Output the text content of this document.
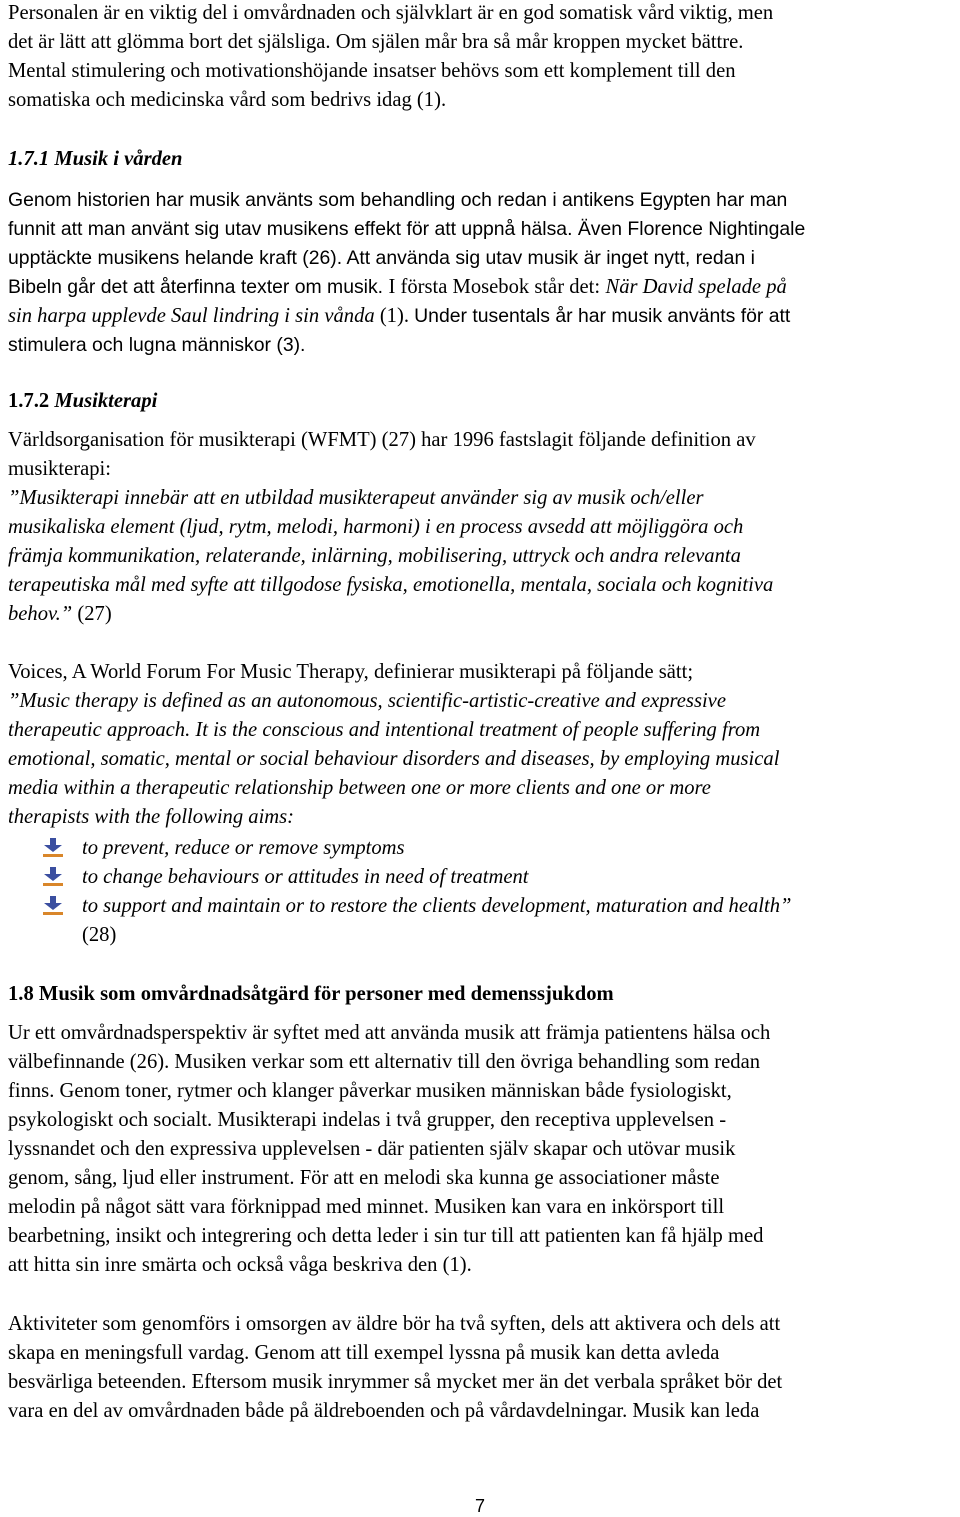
Personalen är en viktig del i omvårdnaden och självklart är en god somatisk vård viktig, men
det är lätt att glömma bort det själsliga. Om själen mår bra så mår kroppen mycket bättre.
Mental stimulering och motivationshöjande insatser behövs som ett komplement till den
somatiska och medicinska vård som bedrivs idag (1).
1.7.1 Musik i vården
Genom historien har musik använts som behandling och redan i antikens Egypten har man
funnit att man använt sig utav musikens effekt för att uppnå hälsa. Även Florence Nightingale
upptäckte musikens helande kraft (26). Att använda sig utav musik är inget nytt, redan i
Bibeln går det att återfinna texter om musik. I första Mosebok står det: När David spelade på
sin harpa upplevde Saul lindring i sin vånda (1). Under tusentals år har musik använts för att
stimulera och lugna människor (3).
1.7.2 Musikterapi
Världsorganisation för musikterapi (WFMT) (27) har 1996 fastslagit följande definition av
musikterapi:
”Musikterapi innebär att en utbildad musikterapeut använder sig av musik och/eller
musikaliska element (ljud, rytm, melodi, harmoni) i en process avsedd att möjliggöra och
främja kommunikation, relaterande, inlärning, mobilisering, uttryck och andra relevanta
terapeutiska mål med syfte att tillgodose fysiska, emotionella, mentala, sociala och kognitiva
behov.” (27)
Voices, A World Forum For Music Therapy, definierar musikterapi på följande sätt;
”Music therapy is defined as an autonomous, scientific-artistic-creative and expressive
therapeutic approach. It is the conscious and intentional treatment of people suffering from
emotional, somatic, mental or social behaviour disorders and diseases, by employing musical
media within a therapeutic relationship between one or more clients and one or more
therapists with the following aims:
to prevent, reduce or remove symptoms
to change behaviours or attitudes in need of treatment
to support and maintain or to restore the clients development, maturation and health”
(28)
1.8 Musik som omvårdnadsåtgärd för personer med demenssjukdom
Ur ett omvårdnadsperspektiv är syftet med att använda musik att främja patientens hälsa och
välbefinnande (26). Musiken verkar som ett alternativ till den övriga behandling som redan
finns. Genom toner, rytmer och klanger påverkar musiken människan både fysiologiskt,
psykologiskt och socialt. Musikterapi indelas i två grupper, den receptiva upplevelsen -
lyssnandet och den expressiva upplevelsen - där patienten själv skapar och utövar musik
genom, sång, ljud eller instrument. För att en melodi ska kunna ge associationer måste
melodin på något sätt vara förknippad med minnet. Musiken kan vara en inkörsport till
bearbetning, insikt och integrering och detta leder i sin tur till att patienten kan få hjälp med
att hitta sin inre smärta och också våga beskriva den (1).
Aktiviteter som genomförs i omsorgen av äldre bör ha två syften, dels att aktivera och dels att
skapa en meningsfull vardag. Genom att till exempel lyssna på musik kan detta avleda
besvärliga beteenden. Eftersom musik inrymmer så mycket mer än det verbala språket bör det
vara en del av omvårdnaden både på äldreboenden och på vårdavdelningar. Musik kan leda
7
